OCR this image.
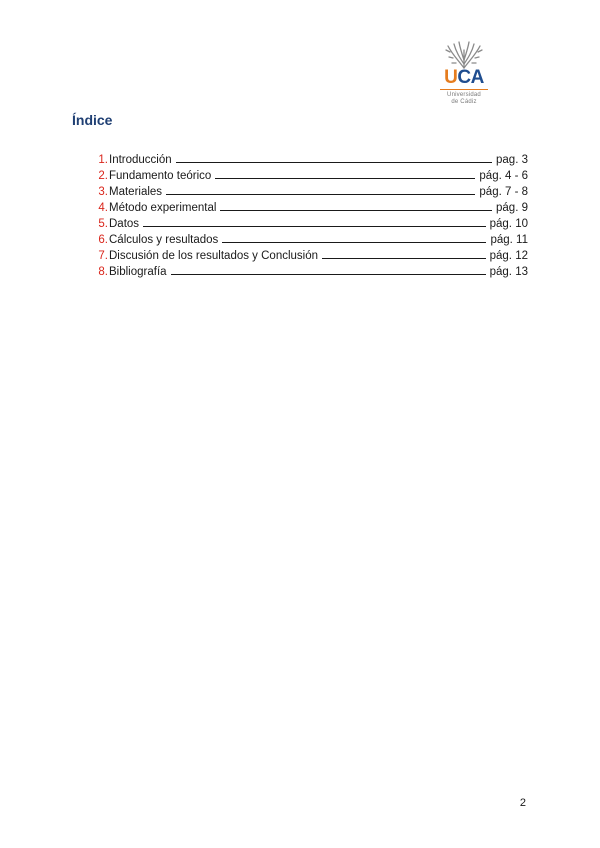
UCA
Universidad
de Cádiz
Índice
1. Introducción	pag. 3
2. Fundamento teórico	pág. 4 - 6
3. Materiales	pág. 7 - 8
4. Método experimental	pág. 9
5. Datos	pág. 10
6. Cálculos y resultados	pág. 11
7. Discusión de los resultados y Conclusión	pág. 12
8. Bibliografía	pág. 13
2
